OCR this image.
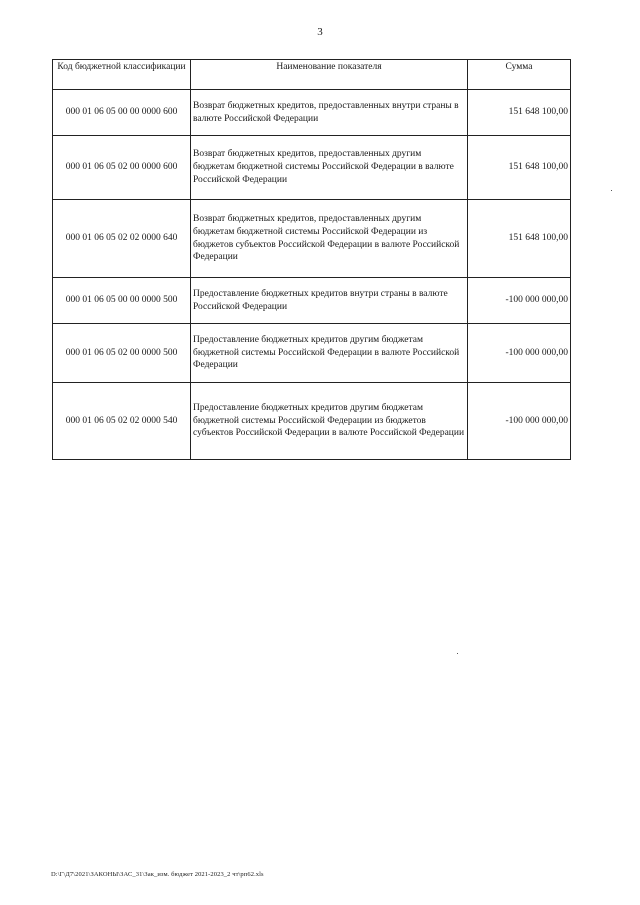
3
Код бюджетной классификации	Наименование показателя	Сумма
000 01 06 05 00 00 0000 600	Возврат бюджетных кредитов, предоставленных внутри страны в валюте Российской Федерации	151 648 100,00
000 01 06 05 02 00 0000 600	Возврат бюджетных кредитов, предоставленных другим бюджетам бюджетной системы Российской Федерации в валюте Российской Федерации	151 648 100,00
000 01 06 05 02 02 0000 640	Возврат бюджетных кредитов, предоставленных другим бюджетам бюджетной системы Российской Федерации из бюджетов субъектов Российской Федерации в валюте Российской Федерации	151 648 100,00
000 01 06 05 00 00 0000 500	Предоставление бюджетных кредитов внутри страны в валюте Российской Федерации	-100 000 000,00
000 01 06 05 02 00 0000 500	Предоставление бюджетных кредитов другим бюджетам бюджетной системы Российской Федерации в валюте Российской Федерации	-100 000 000,00
000 01 06 05 02 02 0000 540	Предоставление бюджетных кредитов другим бюджетам бюджетной системы Российской Федерации из бюджетов субъектов Российской Федерации в валюте Российской Федерации	-100 000 000,00
D:\Г\Д7\2021\ЗАКОНЫ\ЗАС_31\Зак_изм. бюджет 2021-2023_2 чт\рп62.xls
